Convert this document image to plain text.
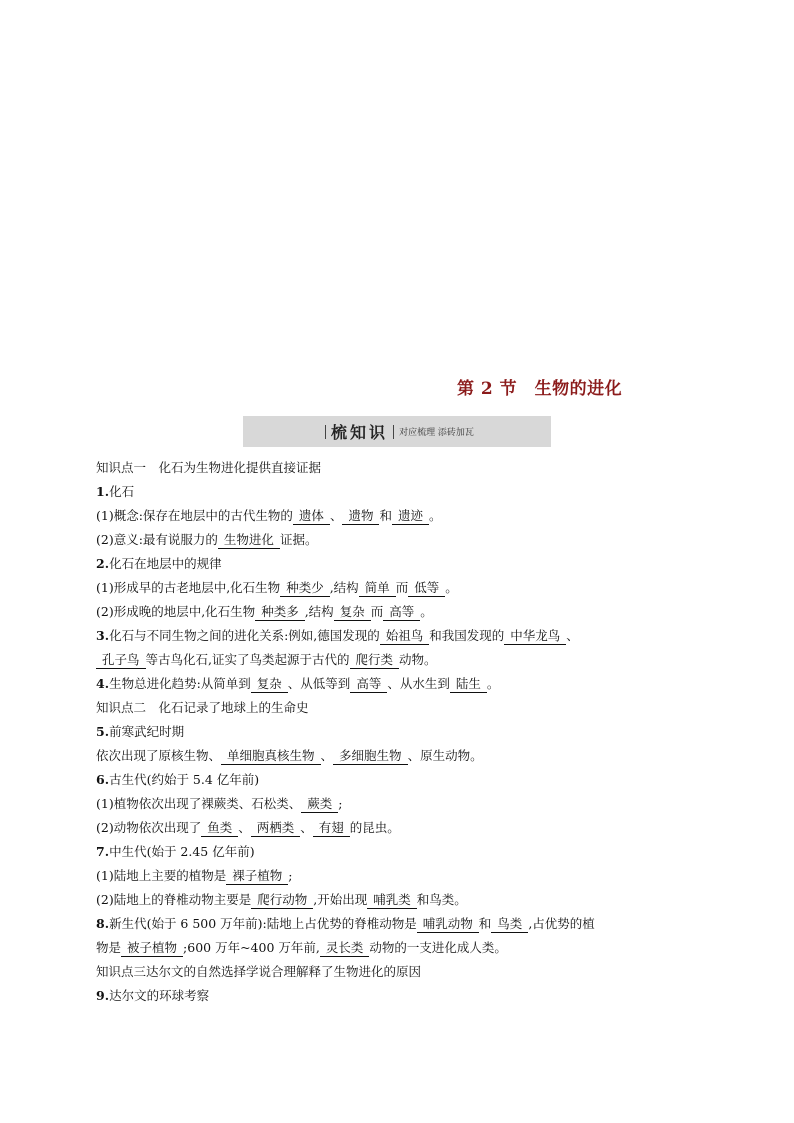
第 2 节　生物的进化
梳知识 对应梳理 添砖加瓦
知识点一　化石为生物进化提供直接证据
1.化石
(1)概念:保存在地层中的古代生物的 遗体 、 遗物 和 遗迹 。
(2)意义:最有说服力的 生物进化 证据。
2.化石在地层中的规律
(1)形成早的古老地层中,化石生物 种类少 ,结构 简单 而 低等 。
(2)形成晚的地层中,化石生物 种类多 ,结构 复杂 而 高等 。
3.化石与不同生物之间的进化关系:例如,德国发现的 始祖鸟 和我国发现的 中华龙鸟 、
孔子鸟 等古鸟化石,证实了鸟类起源于古代的 爬行类 动物。
4.生物总进化趋势:从简单到 复杂 、从低等到 高等 、从水生到 陆生 。
知识点二　化石记录了地球上的生命史
5.前寒武纪时期
依次出现了原核生物、 单细胞真核生物 、 多细胞生物 、原生动物。
6.古生代(约始于 5.4 亿年前)
(1)植物依次出现了裸蕨类、石松类、 蕨类 ;
(2)动物依次出现了 鱼类 、 两栖类 、 有翅 的昆虫。
7.中生代(始于 2.45 亿年前)
(1)陆地上主要的植物是 裸子植物 ;
(2)陆地上的脊椎动物主要是 爬行动物 ,开始出现 哺乳类 和鸟类。
8.新生代(始于 6 500 万年前):陆地上占优势的脊椎动物是 哺乳动物 和 鸟类 ,占优势的植
物是 被子植物 ;600 万年~400 万年前, 灵长类 动物的一支进化成人类。
知识点三达尔文的自然选择学说合理解释了生物进化的原因
9.达尔文的环球考察
